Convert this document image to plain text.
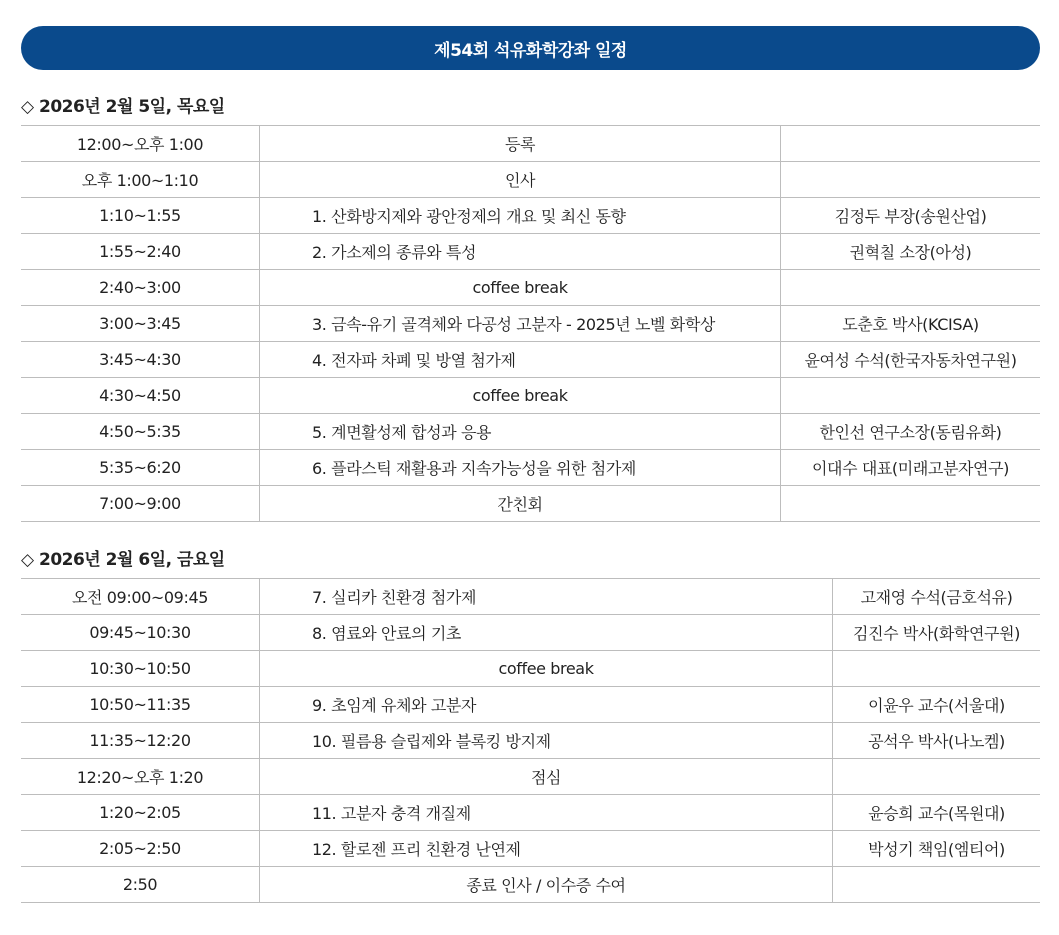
제54회 석유화학강좌 일정
◇ 2026년 2월 5일, 목요일
12:00~오후 1:00	등록	
오후 1:00~1:10	인사	
1:10~1:55	1. 산화방지제와 광안정제의 개요 및 최신 동향	김정두 부장(송원산업)
1:55~2:40	2. 가소제의 종류와 특성	권혁칠 소장(아성)
2:40~3:00	coffee break	
3:00~3:45	3. 금속-유기 골격체와 다공성 고분자 - 2025년 노벨 화학상	도춘호 박사(KCISA)
3:45~4:30	4. 전자파 차폐 및 방열 첨가제	윤여성 수석(한국자동차연구원)
4:30~4:50	coffee break	
4:50~5:35	5. 계면활성제 합성과 응용	한인선 연구소장(동림유화)
5:35~6:20	6. 플라스틱 재활용과 지속가능성을 위한 첨가제	이대수 대표(미래고분자연구)
7:00~9:00	간친회	
◇ 2026년 2월 6일, 금요일
오전 09:00~09:45	7. 실리카 친환경 첨가제	고재영 수석(금호석유)
09:45~10:30	8. 염료와 안료의 기초	김진수 박사(화학연구원)
10:30~10:50	coffee break	
10:50~11:35	9. 초임계 유체와 고분자	이윤우 교수(서울대)
11:35~12:20	10. 필름용 슬립제와 블록킹 방지제	공석우 박사(나노켐)
12:20~오후 1:20	점심	
1:20~2:05	11. 고분자 충격 개질제	윤승희 교수(목원대)
2:05~2:50	12. 할로젠 프리 친환경 난연제	박성기 책임(엠티어)
2:50	종료 인사 / 이수증 수여	
